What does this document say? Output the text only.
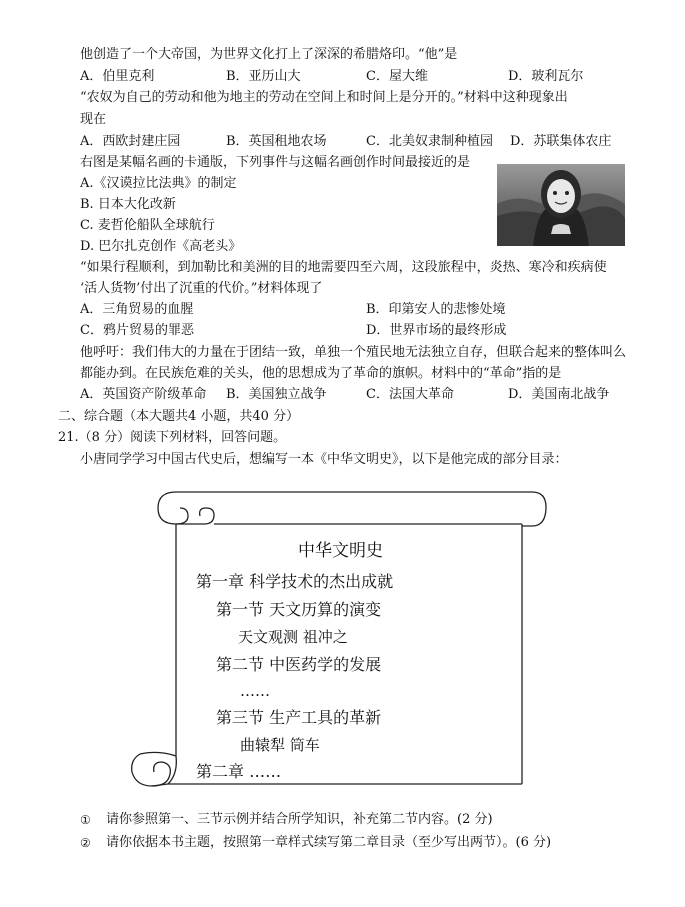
他创造了一个大帝国，为世界文化打上了深深的希腊烙印。“他”是
A．伯里克利	B．亚历山大	C．屋大维	D．玻利瓦尔
“农奴为自己的劳动和他为地主的劳动在空间上和时间上是分开的。”材料中这种现象出
现在
A．西欧封建庄园	B．英国租地农场	C．北美奴隶制种植园 D．苏联集体农庄
右图是某幅名画的卡通版，下列事件与这幅名画创作时间最接近的是
A.《汉谟拉比法典》的制定
B. 日本大化改新
C. 麦哲伦船队全球航行
D. 巴尔扎克创作《高老头》
“如果行程顺利，到加勒比和美洲的目的地需要四至六周，这段旅程中，炎热、寒冷和疾病使
‘活人货物’付出了沉重的代价。”材料体现了
A．三角贸易的血腥	B．印第安人的悲惨处境
C．鸦片贸易的罪恶	D．世界市场的最终形成
他呼吁：我们伟大的力量在于团结一致，单独一个殖民地无法独立自存，但联合起来的整体叫么
都能办到。在民族危难的关头，他的思想成为了革命的旗帜。材料中的“革命”指的是
A．英国资产阶级革命 B．美国独立战争	C．法国大革命	D．美国南北战争
二、综合题（本大题共4 小题，共40 分）
21.（8 分）阅读下列材料，回答问题。
小唐同学学习中国古代史后，想编写一本《中华文明史》，以下是他完成的部分目录：
中华文明史
第一章 科学技术的杰出成就
第一节 天文历算的演变
天文观测 祖冲之
第二节 中医药学的发展
……
第三节 生产工具的革新
曲辕犁 筒车
第二章 ……
① 请你参照第一、三节示例并结合所学知识，补充第二节内容。(2 分)
② 请你依据本书主题，按照第一章样式续写第二章目录（至少写出两节）。(6 分)
